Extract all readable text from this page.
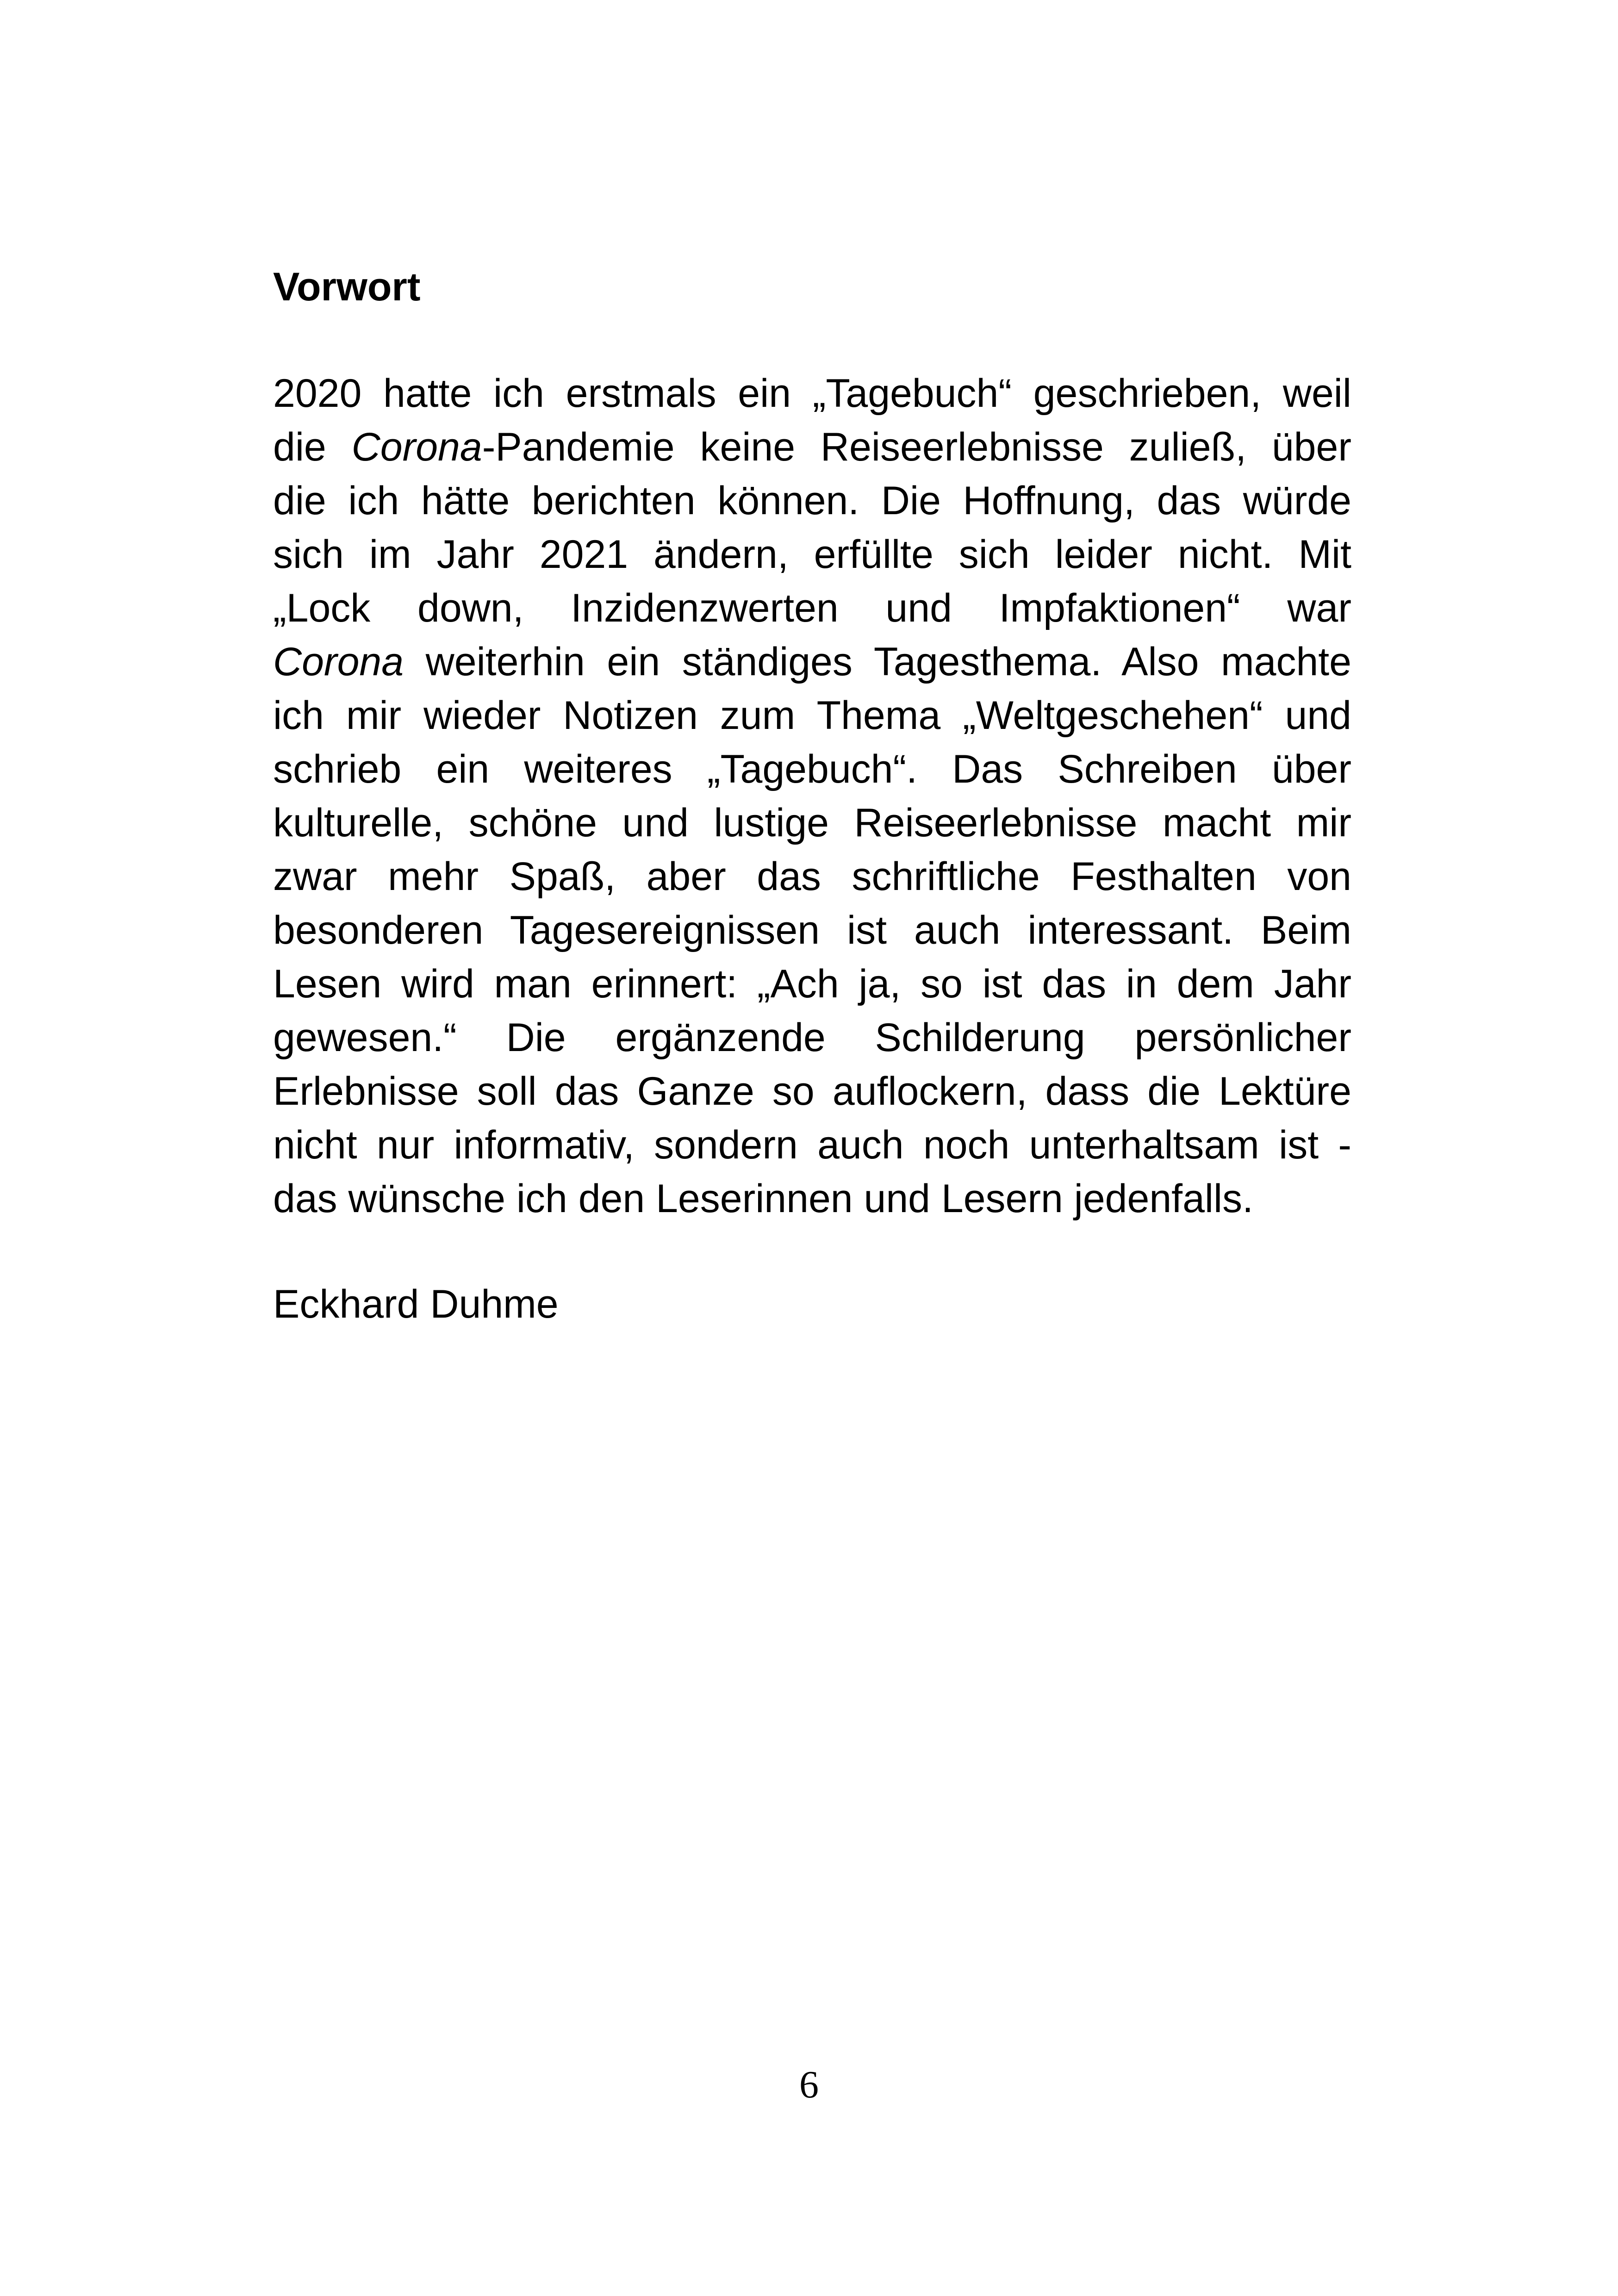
Vorwort
2020 hatte ich erstmals ein „Tagebuch“ geschrieben, weil
die Corona-Pandemie keine Reiseerlebnisse zuließ, über
die ich hätte berichten können. Die Hoffnung, das würde
sich im Jahr 2021 ändern, erfüllte sich leider nicht. Mit
„Lock down, Inzidenzwerten und Impfaktionen“ war
Corona weiterhin ein ständiges Tagesthema. Also machte
ich mir wieder Notizen zum Thema „Weltgeschehen“ und
schrieb ein weiteres „Tagebuch“. Das Schreiben über
kulturelle, schöne und lustige Reiseerlebnisse macht mir
zwar mehr Spaß, aber das schriftliche Festhalten von
besonderen Tagesereignissen ist auch interessant. Beim
Lesen wird man erinnert: „Ach ja, so ist das in dem Jahr
gewesen.“ Die ergänzende Schilderung persönlicher
Erlebnisse soll das Ganze so auflockern, dass die Lektüre
nicht nur informativ, sondern auch noch unterhaltsam ist -
das wünsche ich den Leserinnen und Lesern jedenfalls.
Eckhard Duhme
6
